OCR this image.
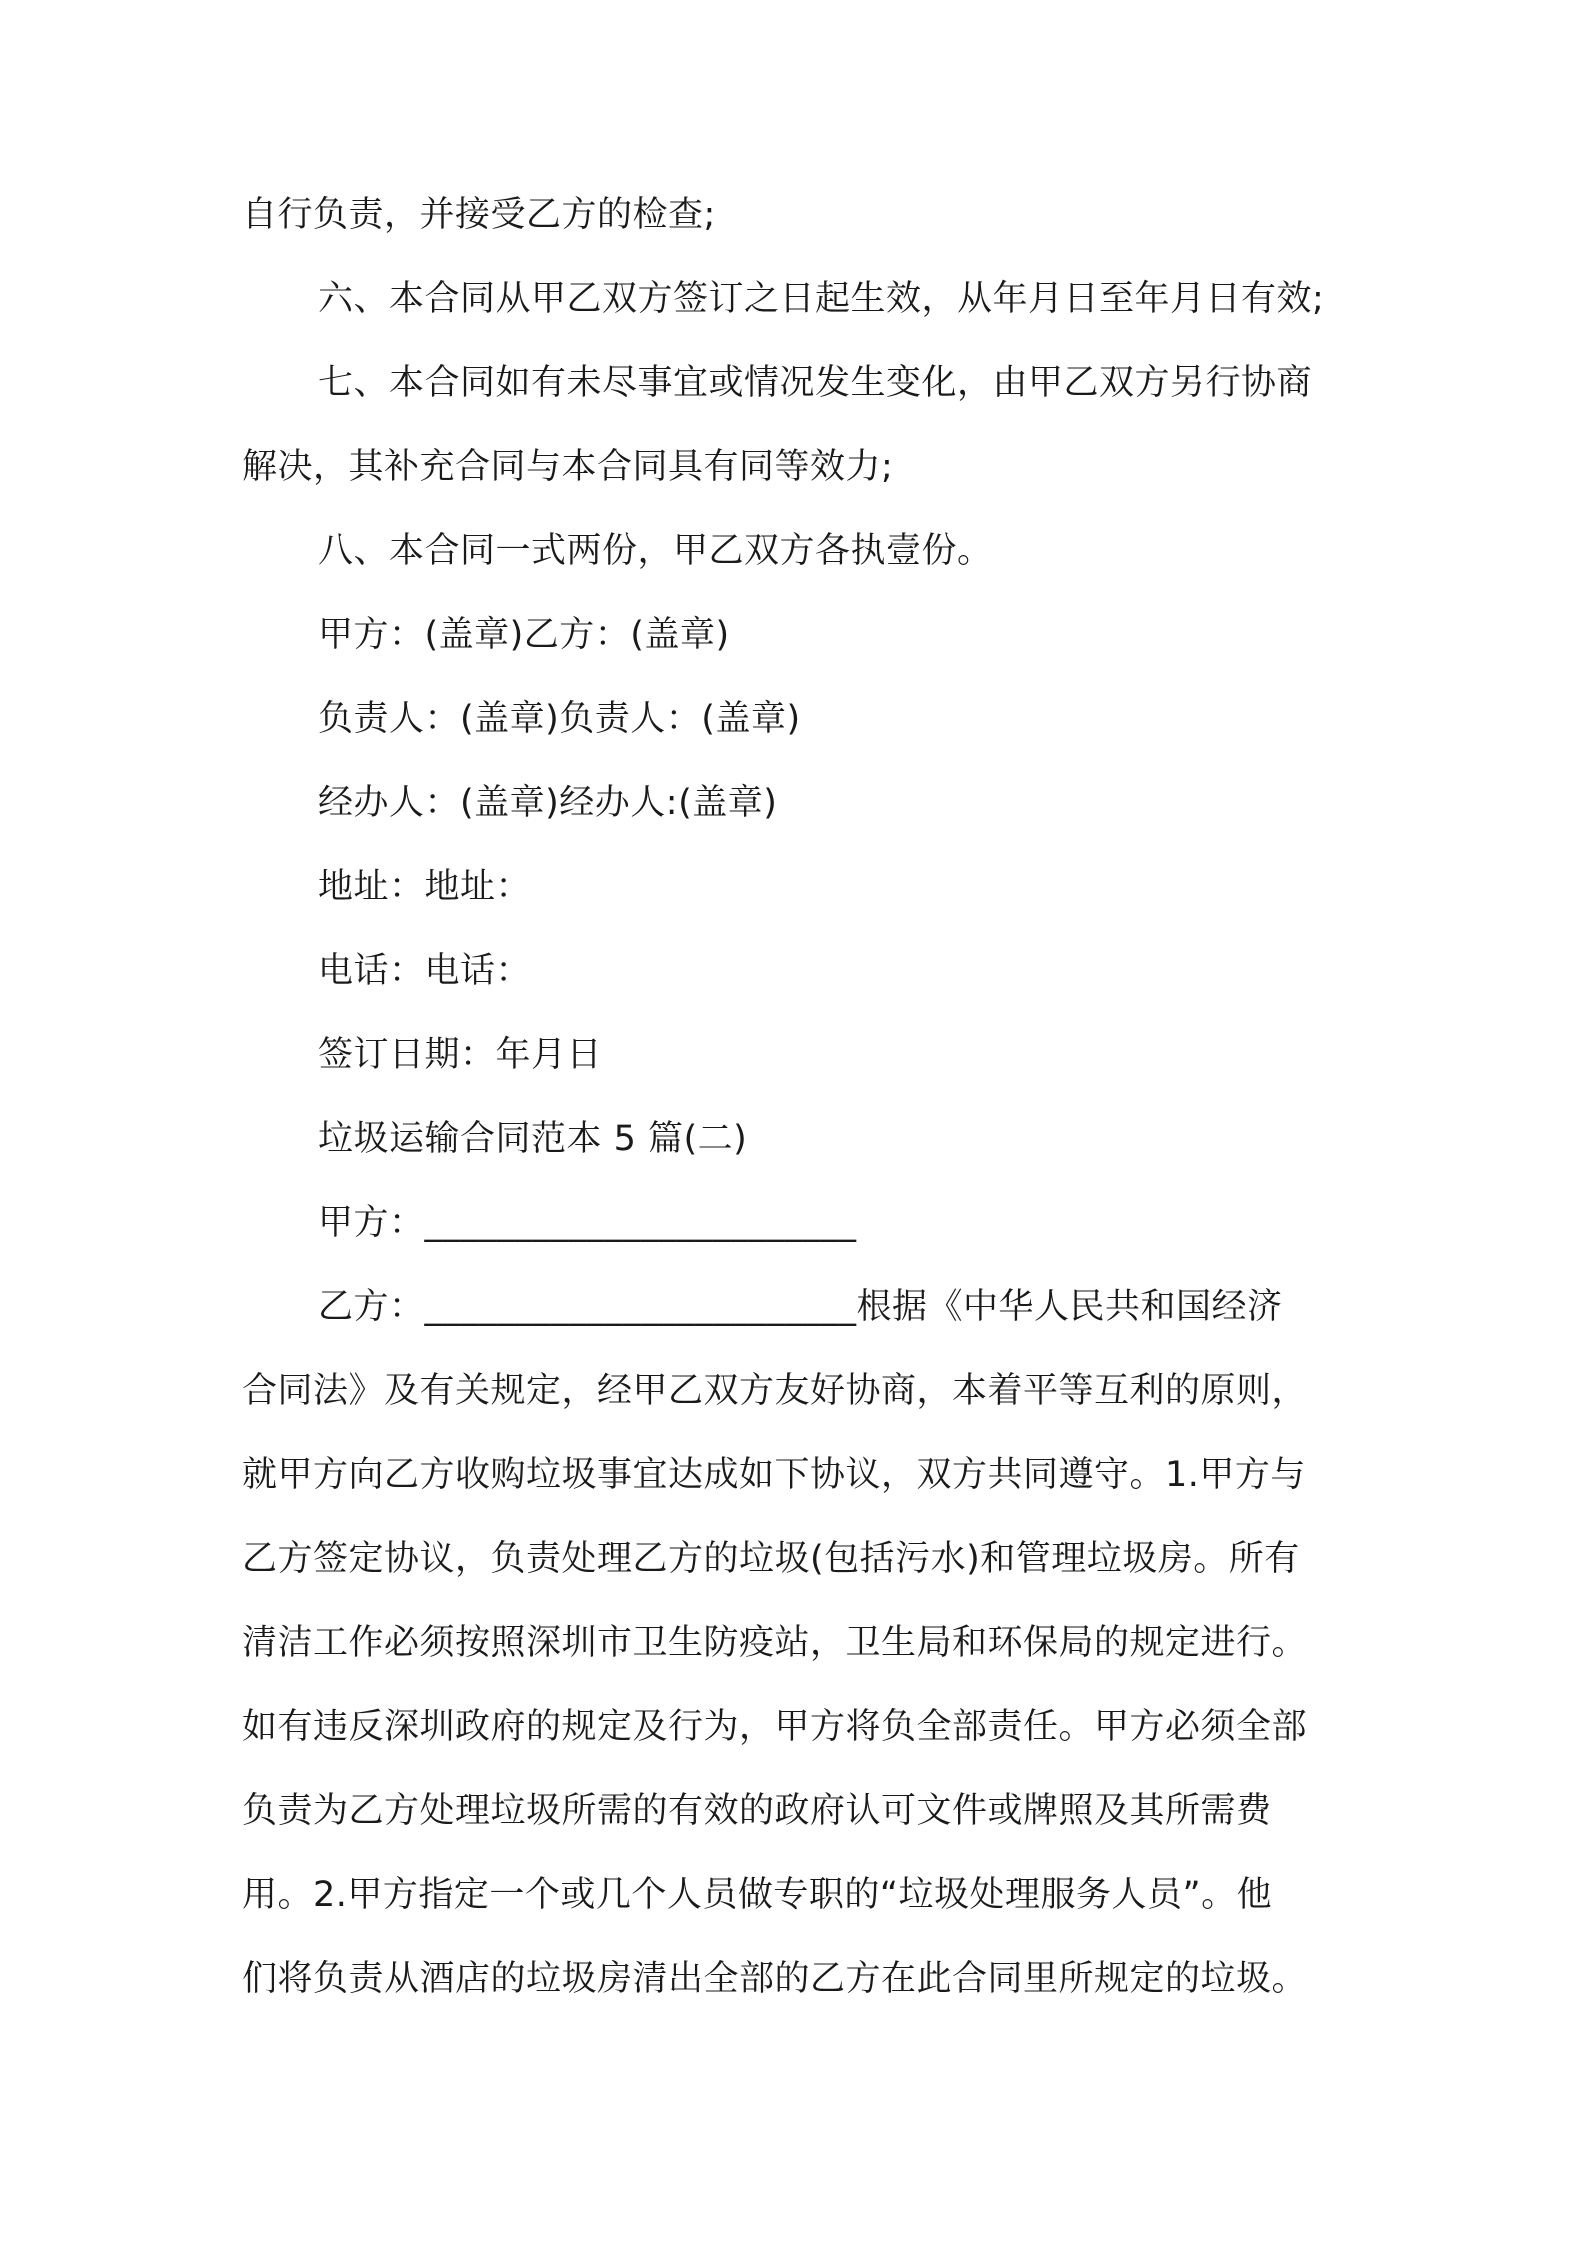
自行负责，并接受乙方的检查;
六、本合同从甲乙双方签订之日起生效，从年月日至年月日有效;
七、本合同如有未尽事宜或情况发生变化，由甲乙双方另行协商
解决，其补充合同与本合同具有同等效力;
八、本合同一式两份，甲乙双方各执壹份。
甲方：(盖章)乙方：(盖章)
负责人：(盖章)负责人：(盖章)
经办人：(盖章)经办人:(盖章)
地址：地址：
电话：电话：
签订日期：年月日
垃圾运输合同范本 5 篇(二)
甲方：________________________
乙方：________________________根据《中华人民共和国经济
合同法》及有关规定，经甲乙双方友好协商，本着平等互利的原则，
就甲方向乙方收购垃圾事宜达成如下协议，双方共同遵守。1.甲方与
乙方签定协议，负责处理乙方的垃圾(包括污水)和管理垃圾房。所有
清洁工作必须按照深圳市卫生防疫站，卫生局和环保局的规定进行。
如有违反深圳政府的规定及行为，甲方将负全部责任。甲方必须全部
负责为乙方处理垃圾所需的有效的政府认可文件或牌照及其所需费
用。2.甲方指定一个或几个人员做专职的“垃圾处理服务人员”。他
们将负责从酒店的垃圾房清出全部的乙方在此合同里所规定的垃圾。
